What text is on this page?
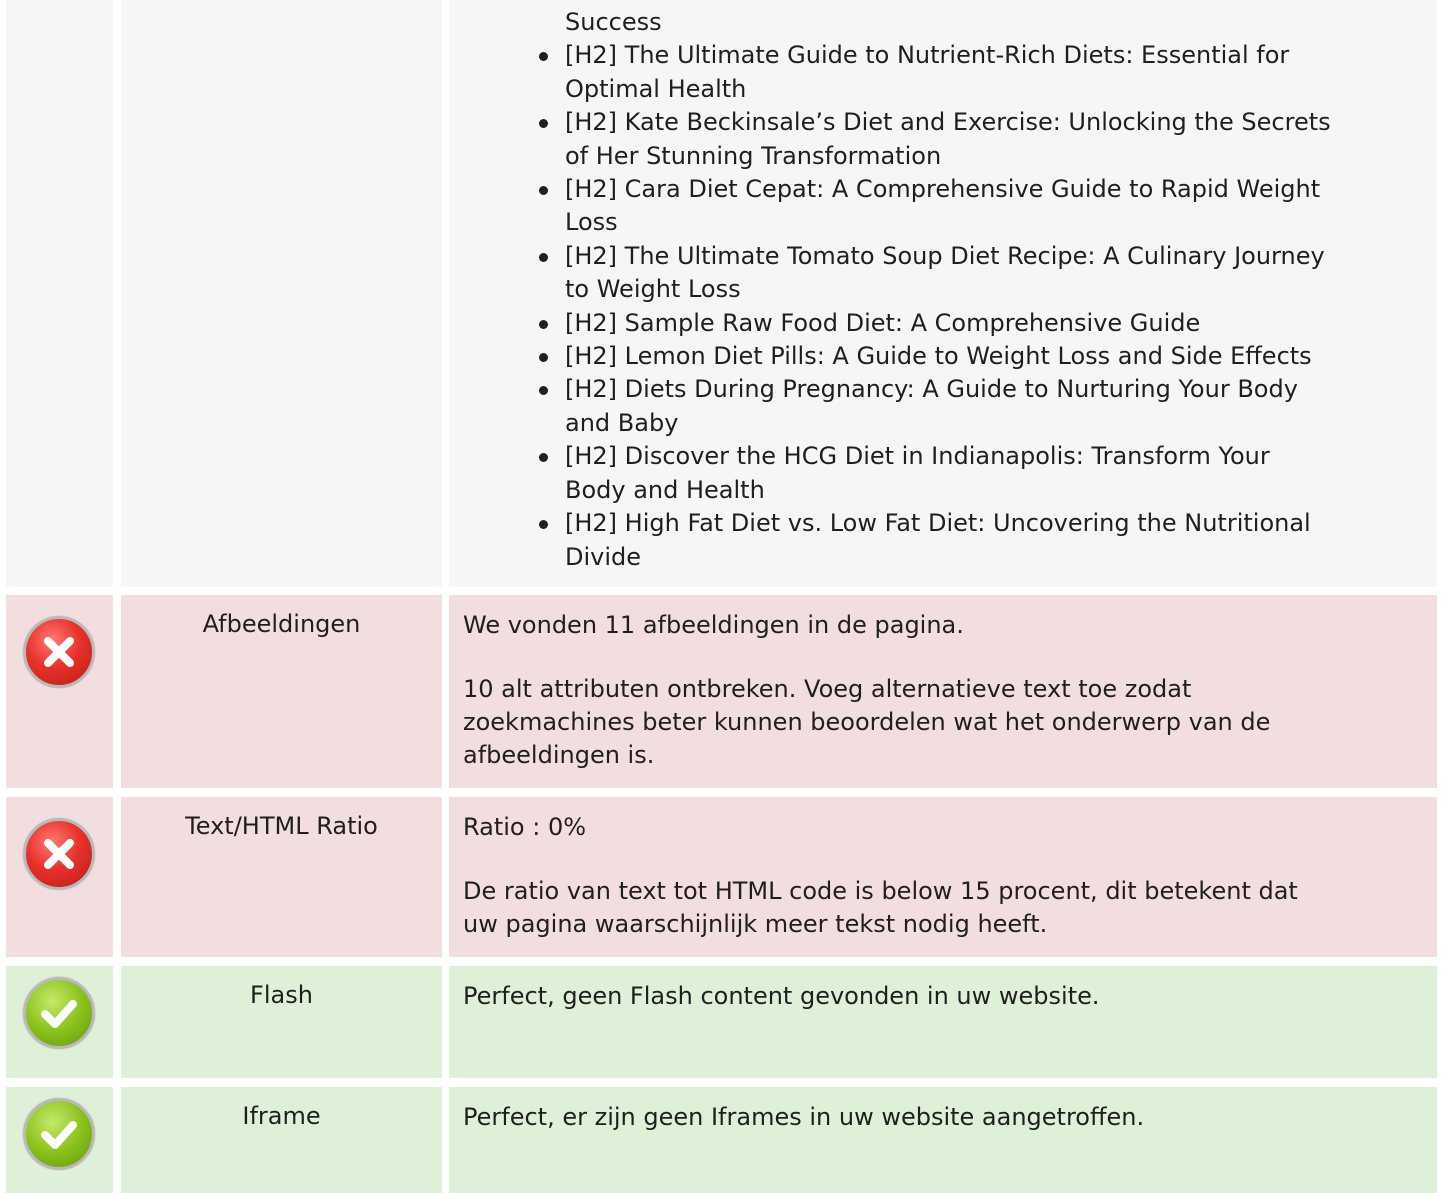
Success
[H2] The Ultimate Guide to Nutrient-Rich Diets: Essential for
Optimal Health
[H2] Kate Beckinsale’s Diet and Exercise: Unlocking the Secrets
of Her Stunning Transformation
[H2] Cara Diet Cepat: A Comprehensive Guide to Rapid Weight
Loss
[H2] The Ultimate Tomato Soup Diet Recipe: A Culinary Journey
to Weight Loss
[H2] Sample Raw Food Diet: A Comprehensive Guide
[H2] Lemon Diet Pills: A Guide to Weight Loss and Side Effects
[H2] Diets During Pregnancy: A Guide to Nurturing Your Body
and Baby
[H2] Discover the HCG Diet in Indianapolis: Transform Your
Body and Health
[H2] High Fat Diet vs. Low Fat Diet: Uncovering the Nutritional
Divide
Afbeeldingen	We vonden 11 afbeeldingen in de pagina.

10 alt attributen ontbreken. Voeg alternatieve text toe zodat
zoekmachines beter kunnen beoordelen wat het onderwerp van de
afbeeldingen is.

Text/HTML Ratio	Ratio : 0%

De ratio van text tot HTML code is below 15 procent, dit betekent dat
uw pagina waarschijnlijk meer tekst nodig heeft.

Flash	Perfect, geen Flash content gevonden in uw website.

Iframe	Perfect, er zijn geen Iframes in uw website aangetroffen.
